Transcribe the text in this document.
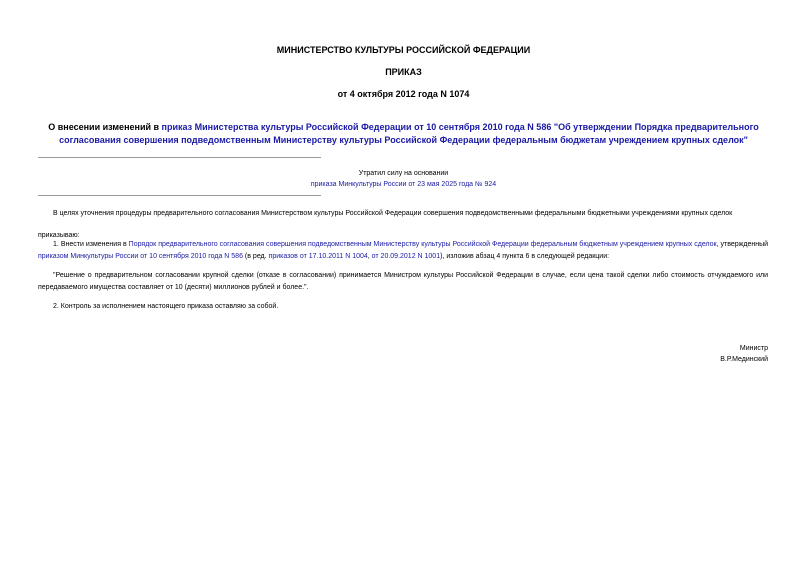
МИНИСТЕРСТВО КУЛЬТУРЫ РОССИЙСКОЙ ФЕДЕРАЦИИ
ПРИКАЗ
от 4 октября 2012 года N 1074
О внесении изменений в приказ Министерства культуры Российской Федерации от 10 сентября 2010 года N 586 "Об утверждении Порядка предварительного согласования совершения подведомственным Министерству культуры Российской Федерации федеральным бюджетам учреждением крупных сделок"
Утратил силу на основании
приказа Минкультуры России от 23 мая 2025 года № 924
В целях уточнения процедуры предварительного согласования Министерством культуры Российской Федерации совершения подведомственными федеральными бюджетными учреждениями крупных сделок
приказываю:
1. Внести изменения в Порядок предварительного согласования совершения подведомственным Министерству культуры Российской Федерации федеральным бюджетным учреждением крупных сделок, утвержденный приказом Минкультуры России от 10 сентября 2010 года N 586 (в ред. приказов от 17.10.2011 N 1004, от 20.09.2012 N 1001), изложив абзац 4 пункта 6 в следующей редакции:
"Решение о предварительном согласовании крупной сделки (отказе в согласовании) принимается Министром культуры Российской Федерации в случае, если цена такой сделки либо стоимость отчуждаемого или передаваемого имущества составляет от 10 (десяти) миллионов рублей и более.".
2. Контроль за исполнением настоящего приказа оставляю за собой.
Министр
В.Р.Мединский
